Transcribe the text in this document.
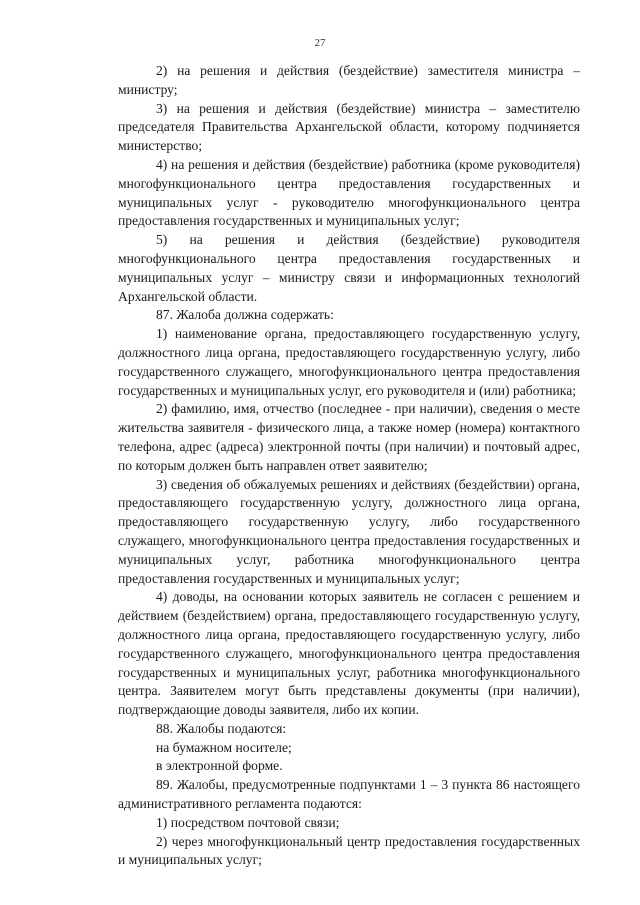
27

2) на решения и действия (бездействие) заместителя министра – министру;

3) на решения и действия (бездействие) министра – заместителю председателя Правительства Архангельской области, которому подчиняется министерство;

4) на решения и действия (бездействие) работника (кроме руководителя) многофункционального центра предоставления государственных и муниципальных услуг - руководителю многофункционального центра предоставления государственных и муниципальных услуг;

5) на решения и действия (бездействие) руководителя многофункционального центра предоставления государственных и муниципальных услуг – министру связи и информационных технологий Архангельской области.

87. Жалоба должна содержать:

1) наименование органа, предоставляющего государственную услугу, должностного лица органа, предоставляющего государственную услугу, либо государственного служащего, многофункционального центра предоставления государственных и муниципальных услуг, его руководителя и (или) работника;

2) фамилию, имя, отчество (последнее - при наличии), сведения о месте жительства заявителя - физического лица, а также номер (номера) контактного телефона, адрес (адреса) электронной почты (при наличии) и почтовый адрес, по которым должен быть направлен ответ заявителю;

3) сведения об обжалуемых решениях и действиях (бездействии) органа, предоставляющего государственную услугу, должностного лица органа, предоставляющего государственную услугу, либо государственного служащего, многофункционального центра предоставления государственных и муниципальных услуг, работника многофункционального центра предоставления государственных и муниципальных услуг;

4) доводы, на основании которых заявитель не согласен с решением и действием (бездействием) органа, предоставляющего государственную услугу, должностного лица органа, предоставляющего государственную услугу, либо государственного служащего, многофункционального центра предоставления государственных и муниципальных услуг, работника многофункционального центра. Заявителем могут быть представлены документы (при наличии), подтверждающие доводы заявителя, либо их копии.

88. Жалобы подаются:

на бумажном носителе;

в электронной форме.

89. Жалобы, предусмотренные подпунктами 1 – 3 пункта 86 настоящего административного регламента подаются:

1) посредством почтовой связи;

2) через многофункциональный центр предоставления государственных и муниципальных услуг;
